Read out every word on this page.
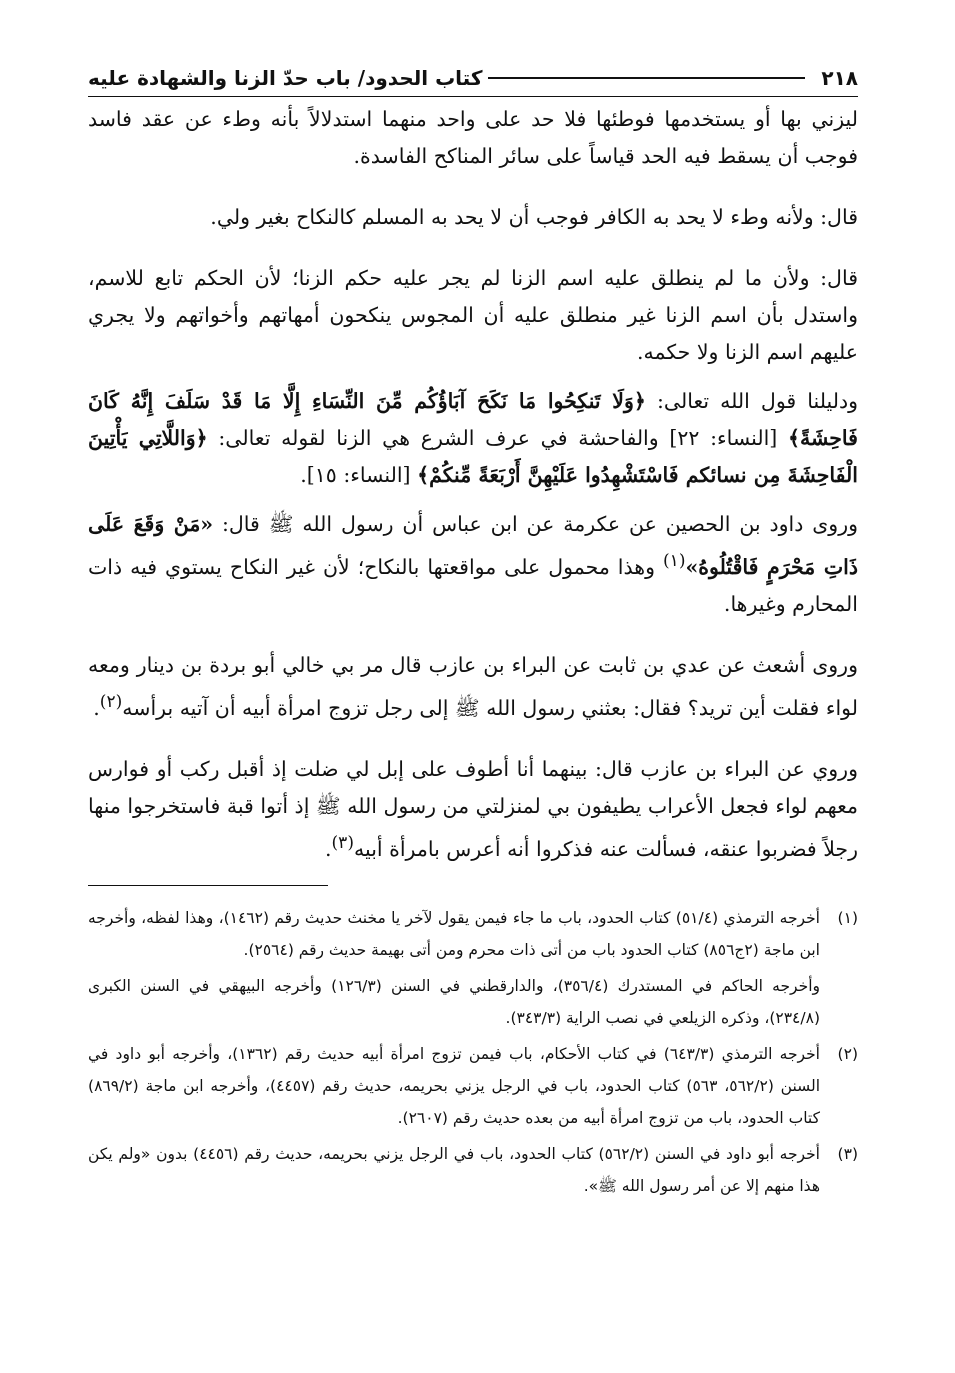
٢١٨
كتاب الحدود/ باب حدّ الزنا والشهادة عليه

ليزني بها أو يستخدمها فوطئها فلا حد على واحد منهما استدلالاً بأنه وطء عن عقد فاسد فوجب أن يسقط فيه الحد قياساً على سائر المناكح الفاسدة.

قال: ولأنه وطء لا يحد به الكافر فوجب أن لا يحد به المسلم كالنكاح بغير ولي.

قال: ولأن ما لم ينطلق عليه اسم الزنا لم يجر عليه حكم الزنا؛ لأن الحكم تابع للاسم، واستدل بأن اسم الزنا غير منطلق عليه أن المجوس ينكحون أمهاتهم وأخواتهم ولا يجري عليهم اسم الزنا ولا حكمه.

ودليلنا قول الله تعالى: ﴿وَلَا تَنكِحُوا مَا نَكَحَ آبَاؤُكُم مِّنَ النِّسَاءِ إِلَّا مَا قَدْ سَلَفَ إِنَّهُ كَانَ فَاحِشَةً﴾ [النساء: ٢٢] والفاحشة في عرف الشرع هي الزنا لقوله تعالى: ﴿وَاللَّاتِي يَأْتِينَ الْفَاحِشَةَ مِن نسائكم فَاسْتَشْهِدُوا عَلَيْهِنَّ أَرْبَعَةً مِّنكُمْ﴾ [النساء: ١٥].

وروى داود بن الحصين عن عكرمة عن ابن عباس أن رسول الله ﷺ قال: «مَنْ وَقَعَ عَلَى ذَاتِ مَحْرَمٍ فَاقْتُلُوهُ»$^{(١)}$ وهذا محمول على مواقعتها بالنكاح؛ لأن غير النكاح يستوي فيه ذات المحارم وغيرها.

وروى أشعث عن عدي بن ثابت عن البراء بن عازب قال مر بي خالي أبو بردة بن دينار ومعه لواء فقلت أين تريد؟ فقال: بعثني رسول الله ﷺ إلى رجل تزوج امرأة أبيه أن آتيه برأسه$^{(٢)}$.

وروي عن البراء بن عازب قال: بينهما أنا أطوف على إبل لي ضلت إذ أقبل ركب أو فوارس معهم لواء فجعل الأعراب يطيفون بي لمنزلتي من رسول الله ﷺ إذ أتوا قبة فاستخرجوا منها رجلاً فضربوا عنقه، فسألت عنه فذكروا أنه أعرس بامرأة أبيه$^{(٣)}$.

(١)
أخرجه الترمذي (٥١/٤) كتاب الحدود، باب ما جاء فيمن يقول لآخر يا مخنث حديث رقم (١٤٦٢)، وهذا لفظه، وأخرجه ابن ماجة (٢ج٨٥٦) كتاب الحدود باب من أتى ذات محرم ومن أتى بهيمة حديث رقم (٢٥٦٤).
وأخرجه الحاكم في المستدرك (٣٥٦/٤)، والدارقطني في السنن (١٢٦/٣) وأخرجه البيهقي في السنن الكبرى (٢٣٤/٨)، وذكره الزيلعي في نصب الراية (٣٤٣/٣).
(٢)
أخرجه الترمذي (٦٤٣/٣) في كتاب الأحكام، باب فيمن تزوج امرأة أبيه حديث رقم (١٣٦٢)، وأخرجه أبو داود في السنن (٥٦٢/٢، ٥٦٣) كتاب الحدود، باب في الرجل يزني بحريمه، حديث رقم (٤٤٥٧)، وأخرجه ابن ماجة (٨٦٩/٢) كتاب الحدود، باب من تزوج امرأة أبيه من بعده حديث رقم (٢٦٠٧).
(٣)
أخرجه أبو داود في السنن (٥٦٢/٢) كتاب الحدود، باب في الرجل يزني بحريمه، حديث رقم (٤٤٥٦) بدون «ولم يكن هذا منهم إلا عن أمر رسول الله ﷺ».
